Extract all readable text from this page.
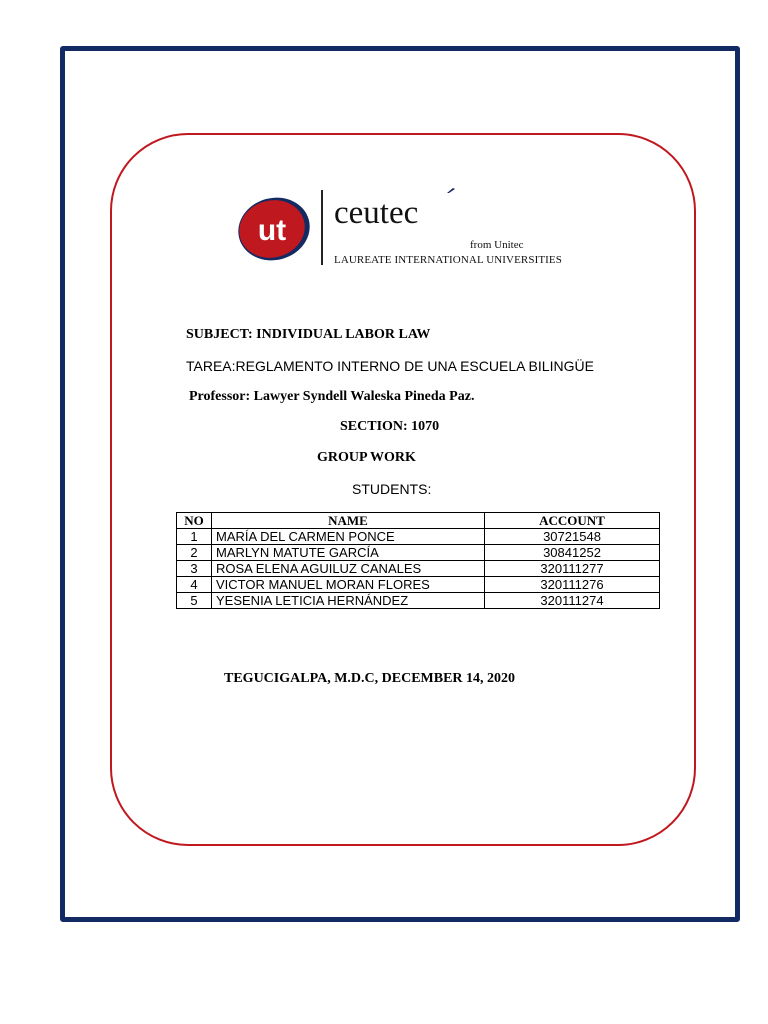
ut ceutec
from Unitec
LAUREATE INTERNATIONAL UNIVERSITIES
SUBJECT: INDIVIDUAL LABOR LAW
TAREA:REGLAMENTO INTERNO DE UNA ESCUELA BILINGÜE
Professor: Lawyer Syndell Waleska Pineda Paz.
SECTION: 1070
GROUP WORK
STUDENTS:
NO	NAME	ACCOUNT
1	MARÍA DEL CARMEN PONCE	30721548
2	MARLYN MATUTE GARCÍA	30841252
3	ROSA ELENA AGUILUZ CANALES	320111277
4	VICTOR MANUEL MORAN FLORES	320111276
5	YESENIA LETICIA HERNÁNDEZ	320111274
TEGUCIGALPA, M.D.C, DECEMBER 14, 2020
